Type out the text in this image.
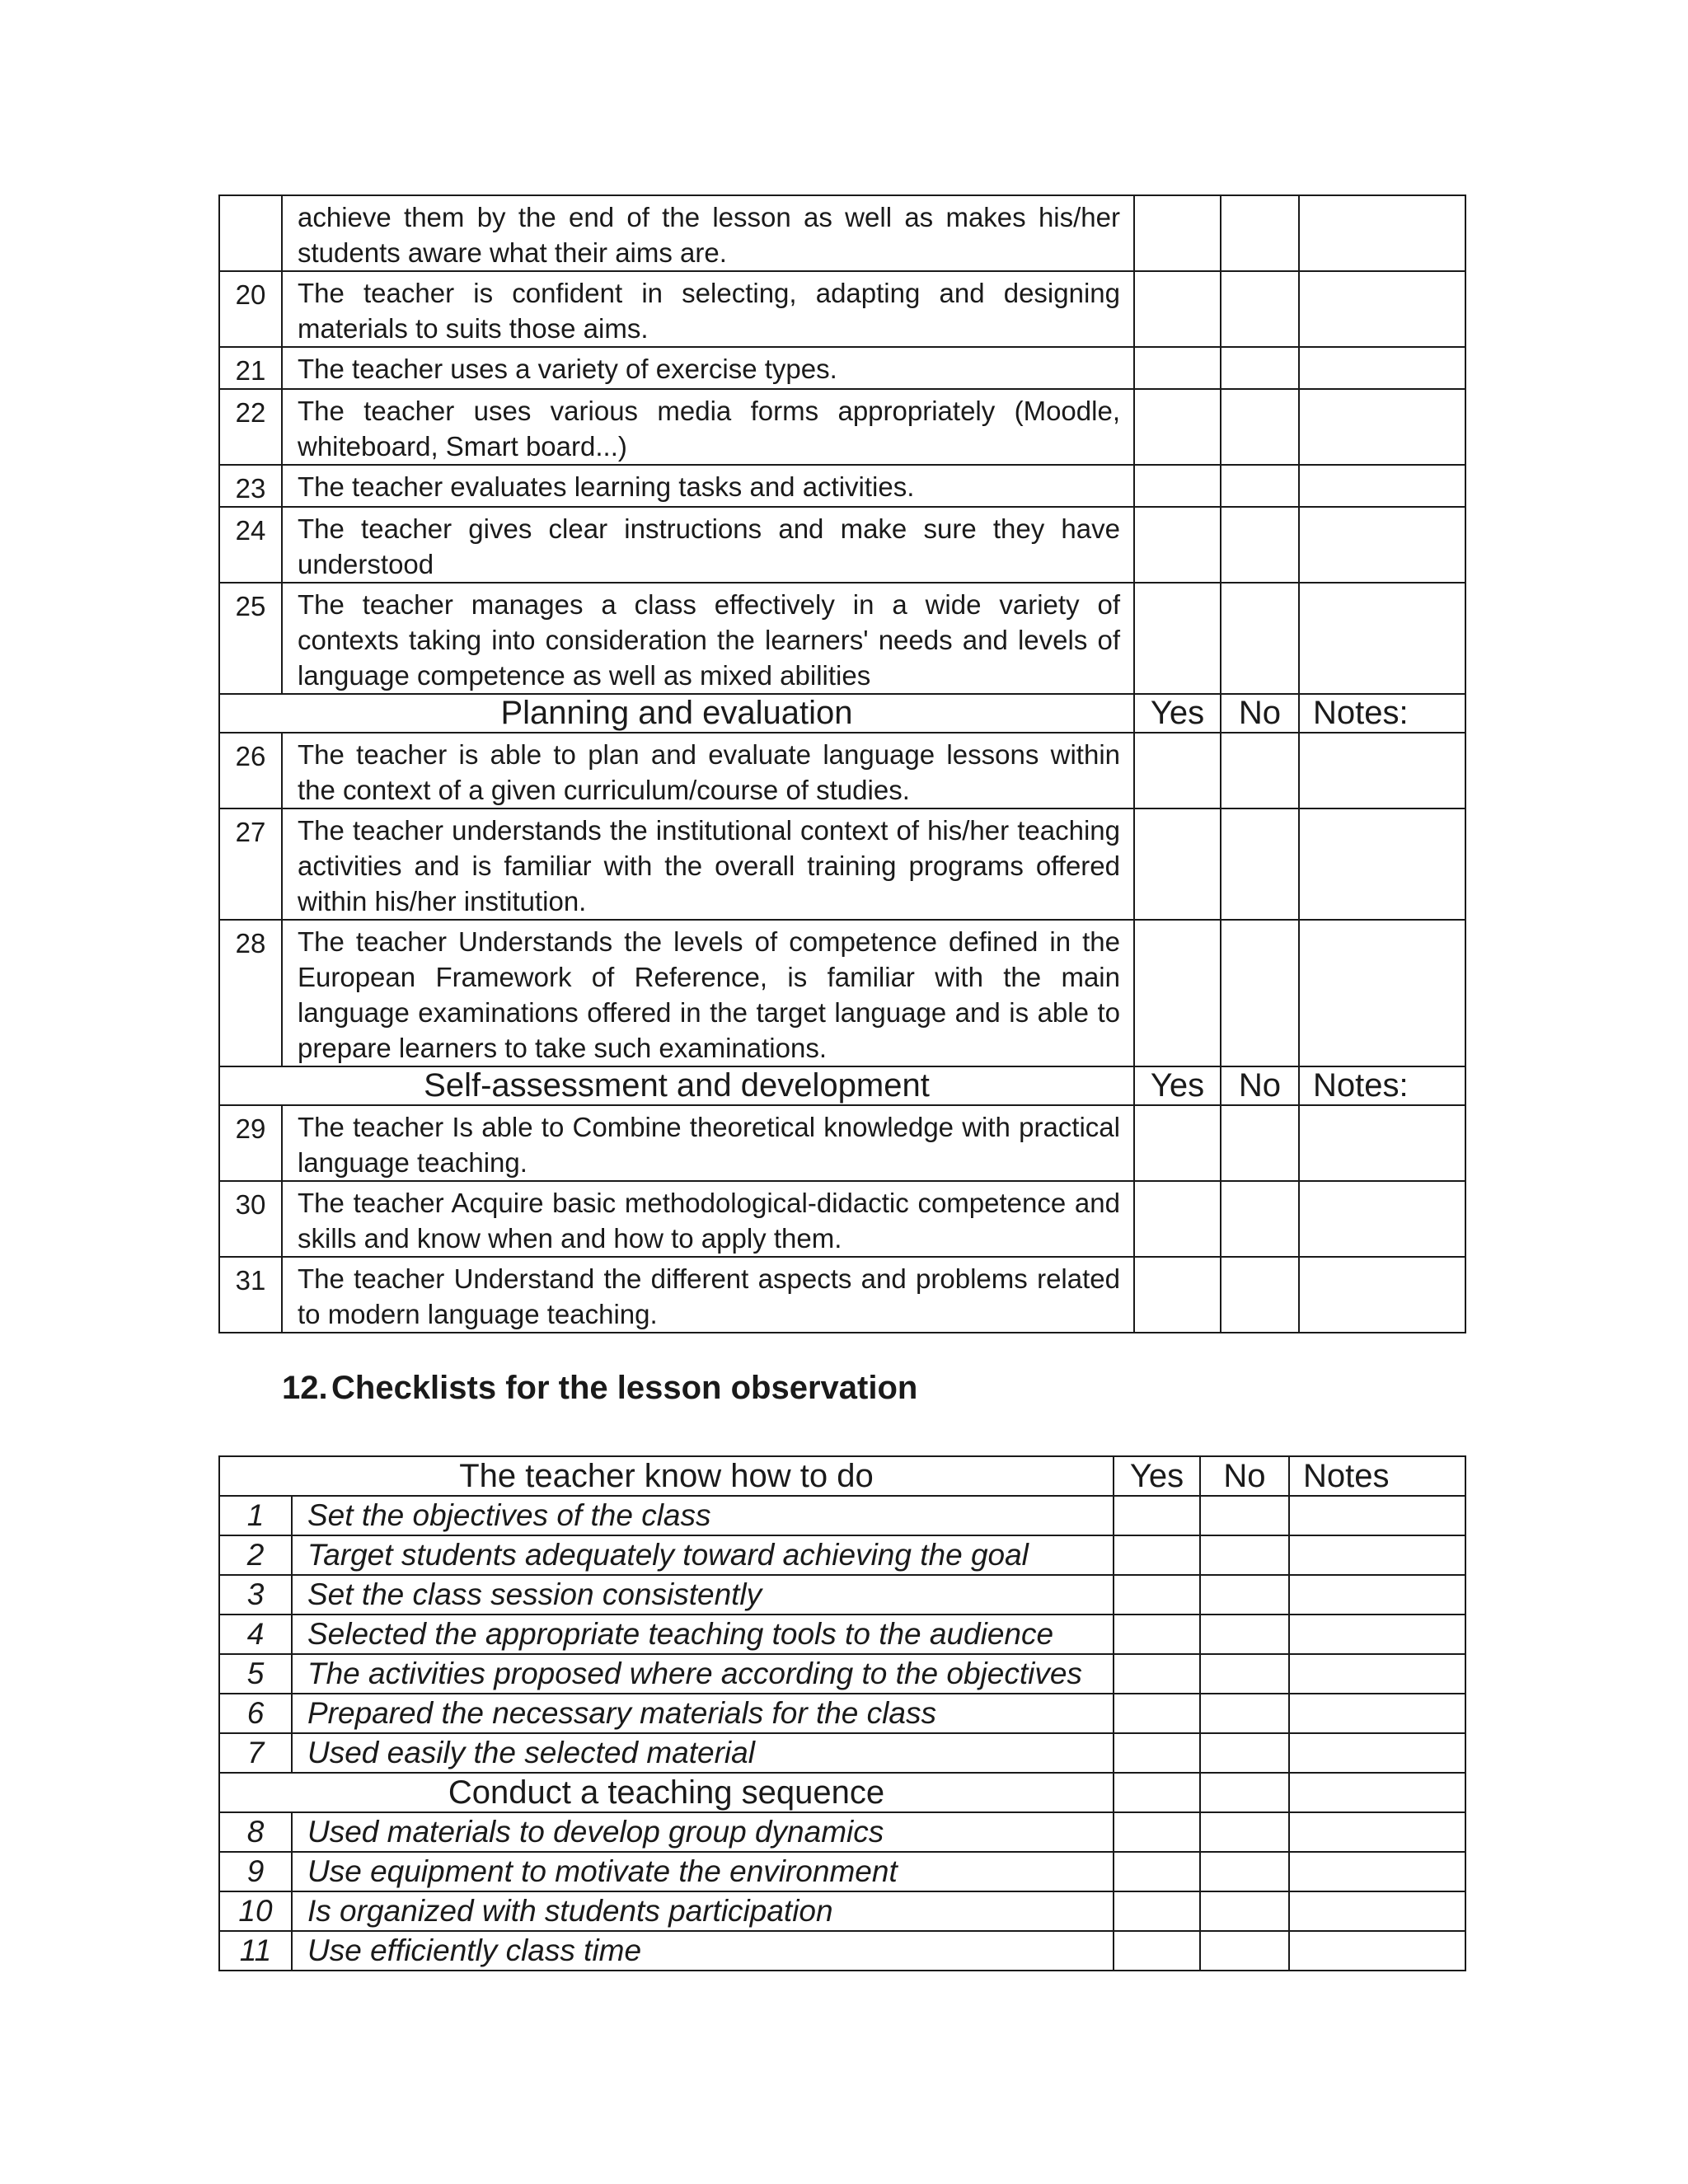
	achieve them by the end of the lesson as well as makes his/her students aware what their aims are.			
20	The teacher is confident in selecting, adapting and designing materials to suits those aims.			
21	The teacher uses a variety of exercise types.			
22	The teacher uses various media forms appropriately (Moodle, whiteboard, Smart board...)			
23	The teacher evaluates learning tasks and activities.			
24	The teacher gives clear instructions and make sure they have understood			
25	The teacher manages a class effectively in a wide variety of contexts taking into consideration the learners' needs and levels of language competence as well as mixed abilities			
Planning and evaluation		Yes	No	Notes:
26	The teacher is able to plan and evaluate language lessons within the context of a given curriculum/course of studies.			
27	The teacher understands the institutional context of his/her teaching activities and is familiar with the overall training programs offered within his/her institution.			
28	The teacher Understands the levels of competence defined in the European Framework of Reference, is familiar with the main language examinations offered in the target language and is able to prepare learners to take such examinations.			
Self-assessment and development		Yes	No	Notes:
29	The teacher Is able to Combine theoretical knowledge with practical language teaching.			
30	The teacher Acquire basic methodological-didactic competence and skills and know when and how to apply them.			
31	The teacher Understand the different aspects and problems related to modern language teaching.			
12. Checklists for the lesson observation
The teacher know how to do		Yes	No	Notes
1	Set the objectives of the class			
2	Target students adequately toward achieving the goal			
3	Set the class session consistently			
4	Selected the appropriate teaching tools to the audience			
5	The activities proposed where according to the objectives			
6	Prepared the necessary materials for the class			
7	Used easily the selected material			
Conduct a teaching sequence				
8	Used materials to develop group dynamics			
9	Use equipment to motivate the environment			
10	Is organized with students participation			
11	Use efficiently class time			
